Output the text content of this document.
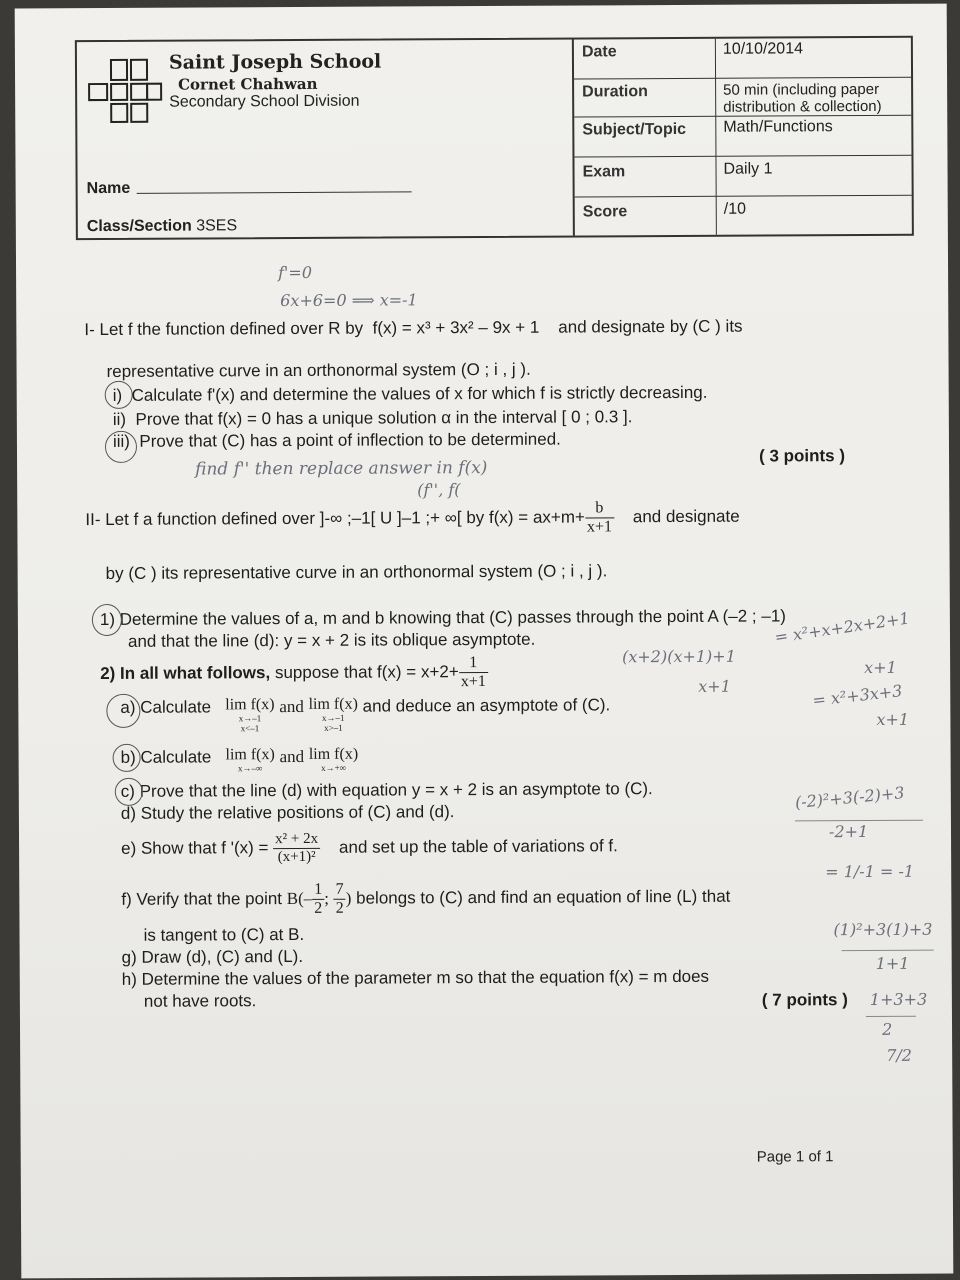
Saint Joseph School
Cornet Chahwan
Secondary School Division
Name
Class/Section 3SES
Date	10/10/2014
Duration	50 min (including paper distribution & collection)
Subject/Topic Math/Functions
Exam	Daily 1
Score	/10
f'=0
6x+6=0 ⟹ x=-1
I- Let f the function defined over R by f(x) = x³ + 3x² – 9x + 1 and designate by (C ) its
representative curve in an orthonormal system (O ; i , j ).
i) Calculate f'(x) and determine the values of x for which f is strictly decreasing.
ii) Prove that f(x) = 0 has a unique solution α in the interval [ 0 ; 0.3 ].
iii) Prove that (C) has a point of inflection to be determined.
( 3 points )
find f'' then replace answer in f(x)
(f'', f(
II- Let f a function defined over ]-∞ ;–1[ U ]–1 ;+ ∞[ by $f(x) = ax+m+ \frac{b}{x+1}$ and designate
by (C ) its representative curve in an orthonormal system (O ; i , j ).
1) Determine the values of a, m and b knowing that (C) passes through the point A (–2 ; –1)
and that the line (d): y = x + 2 is its oblique asymptote.
2) In all what follows, suppose that $f(x) = x+2+ \frac{1}{x+1}$
a) Calculate lim f(x)
x→–1
x<–1
and lim f(x)
x→–1
x>–1
and deduce an asymptote of (C).
b) Calculate lim f(x)
x→–∞
and lim f(x)
x→+∞
c) Prove that the line (d) with equation y = x + 2 is an asymptote to (C).
d) Study the relative positions of (C) and (d).
e) Show that f '$(x) = \frac{\text{x² + 2x}}{\text{(x+1)²}}$ and set up the table of variations of f.
f) Verify that the point $B(- \frac{1}{2}$ ; $\frac{7}{2}$ ) belongs to (C) and find an equation of line (L) that
is tangent to (C) at B.
g) Draw (d), (C) and (L).
h) Determine the values of the parameter m so that the equation f(x) = m does
not have roots.	( 7 points )
(x+2)(x+1)+1
x+1
= x²+x+2x+2+1
x+1
= x²+3x+3
x+1
(-2)²+3(-2)+3
-2+1
= 1/-1 = -1
(1)²+3(1)+3
1+1
1+3+3
2
7/2
Page 1 of 1
